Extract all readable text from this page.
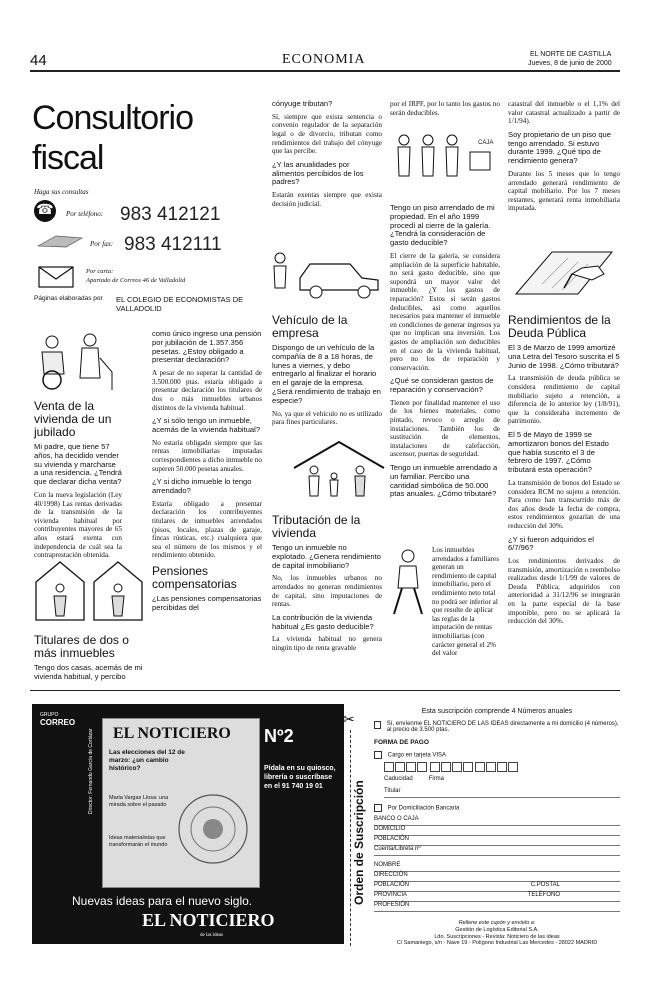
44	ECONOMIA	EL NORTE DE CASTILLA
Jueves, 8 de junio de 2000
Consultorio
fiscal
Haga sus consultas
☎	Por teléfono: 983 412121
Por fax: 983 412111
Por carta:
Apartado de Correos 46 de Valladolid
Páginas elaboradas por EL COLEGIO DE ECONOMISTAS DE VALLADOLID
Venta de la vivienda de un jubilado

Mi padre, que tiene 57 años, ha decidido vender su vivienda y marcharse a una residencia. ¿Tendrá que declarar dicha venta?

Con la nueva legislación (Ley 40/1998) Las rentas derivadas de la transmisión de la vivienda habitual por contribuyentes mayores de 65 años estará exenta con independencia de cuál sea la contraprestación obtenida.

Titulares de dos o más inmuebles

Tengo dos casas, acemás de mi vivienda habitual, y percibo

como único ingreso una pensión por jubilación de 1.357.356 pesetas. ¿Estoy obligado a presentar declaración?

A pesar de no superar la cantidad de 3.500.000 ptas. estaría obligado a presentar declaración los titulares de dos o más inmuebles urbanos distintos de la vivienda habitual.

¿Y si sólo tengo un inmueble, acemás de la vivienda habitual?

No estaría obligado siempre que las rentas inmobiliarias imputadas correspondientes a dicho inmueble no superen 50.000 pesetas anuales.

¿Y si dicho inmueble lo tengo arrendado?

Estaría obligado a presentar declaración los contribuyentes titulares de inmuebles arrendados (pisos, locales, plazas de garaje, fincas rústicas, etc.) cualquiera que sea el número de los mismos y el rendimiento obtenido.

Pensiones compensatorias

¿Las pensiones compensatorias percibidas del

cónyuge tributan?

Sí, siempre que exista sentencia o convenio regulador de la separación legal o de divorcio, tributan como rendimientos del trabajo del cónyuge que las percibe.

¿Y las anualidades por alimentos percibidos de los padres?

Estarán exentas siempre que exista decisión judicial.

Vehículo de la empresa

Dispongo de un vehículo de la compañía de 8 a 18 horas, de lunes a viernes, y debo entregarlo al finalizar el horario en el garaje de la empresa. ¿Será rendimiento de trabajo en especie?

No, ya que el vehículo no es utilizado para fines particulares.

Tributación de la vivienda

Tengo un inmueble no explotado. ¿Genera rendimiento de capital inmobiliario?

No, los inmuebles urbanos no arrendados no generan rendimientos de capital, sino imputaciones de rentas.

La contribución de la vivienda habitual ¿Es gasto deducible?

La vivienda habitual no genera ningún tipo de renta gravable

por el IRPF, por lo tanto los gastos no serán deducibles.

CAJA

Tengo un piso arrendado de mi propiedad. En el año 1999 procedí al cierre de la galería. ¿Tendrá la consideración de gasto deducible?

El cierre de la galería, se considera ampliación de la superficie habitable, no será gasto deducible, sino que supondrá un mayor valor del inmueble. ¿Y los gastos de reparación? Estos sí serán gastos deducibles, así como aquellos necesarios para mantener el inmueble en condiciones de generar ingresos ya que no implican una inversión. Los gastos de ampliación son deducibles en el caso de la vivienda habitual, pero no los de reparación y conservación.

¿Qué se consideran gastos de reparación y conservación?

Tienen por finalidad mantener el uso de los bienes materiales, como pintado, revoco o arreglo de instalaciones. También los de sustitución de elementos, instalaciones de calefacción, ascensor, puertas de seguridad.

Tengo un inmueble arrendado a un familiar. Percibo una cantidad simbólica de 50.000 ptas anuales. ¿Cómo tributaré?

Los inmuebles arrendados a familiares generan un rendimiento de capital inmobiliario, pero el rendimiento neto total no podrá ser inferior al que resulte de aplicar las reglas de la imputación de rentas inmobiliarias (con carácter general el 2% del valor

catastral del inmueble o el 1,1% del valor catastral actualizado a partir de 1/1/94).

Soy propietario de un piso que tengo arrendado. Si estuvo durante 1999. ¿Qué tipo de rendimiento genera?

Durante los 5 meses que lo tengo arrendado generará rendimiento de capital mobiliario. Por los 7 meses restantes, generará renta inmobiliaria imputada.

Rendimientos de la Deuda Pública

El 3 de Marzo de 1999 amortizé una Letra del Tesoro suscrita el 5 Junio de 1998. ¿Cómo tributará?

La transmisión de deuda pública se considera rendimiento de capital mobiliario sujeto a retención, a diferencia de lo anterior ley (1/8/91), que la consideraba incremento de patrimonio.

El 5 de Mayo de 1999 se amortizaron bonos del Estado que había suscrito el 3 de febrero de 1997. ¿Cómo tributará esta operación?

La transmisión de bonos del Estado se considera RCM no sujeto a retención. Para como han transcurrido más de dos años desde la fecha de compra, estos rendimientos gozarían de una reducción del 30%.

¿Y si fueron adquiridos el 6/7/96?

Los rendimientos derivados de transmisión, amortización o reembolso realizados desde 1/1/99 de valores de Deuda Pública, adquiridos con anterioridad a 31/12/96 se integrarán en la parte especial de la base imponible, pero no se aplicará la reducción del 30%.

GRUPO
CORREO
EL NOTICIERO
Las elecciones del 12 de marzo: ¿un cambio histórico?
Maria Vargas Llosa: una mirada sobre el pasado
Ideas materialistas que transformarán el mundo
Director: Fernando García de Cortázar	Nº2
Pídala en su quiosco, librería o suscríbase en el 91 740 19 01
Nuevas ideas para el nuevo siglo.
EL NOTICIERO
de las ideas
✂
Orden de Suscripción
Esta suscripción comprende 4 Números anuales
Sí, envíenme EL NOTICIERO DE LAS IDEAS directamente a mi domicilio (4 números), al precio de 3.500 ptas.
FORMA DE PAGO
Cargo en tarjeta VISA

Caducidad	Firma
Titular
Por Domiciliación Bancaria
BANCO O CAJA
DOMICILIO
POBLACIÓN
Cuenta/Libreta nº
NOMBRE
DIRECCIÓN
POBLACIÓN	C.POSTAL
PROVINCIA	TELÉFONO
PROFESIÓN
Rellene este cupón y envíelo a:
Gestión de Logística Editorial S.A.
Ldo. Suscripciones - Revista: Noticiero de las ideas
C/ Samaniego, s/n - Nave 19 - Polígono Industrial Las Mercedes - 28022 MADRID
